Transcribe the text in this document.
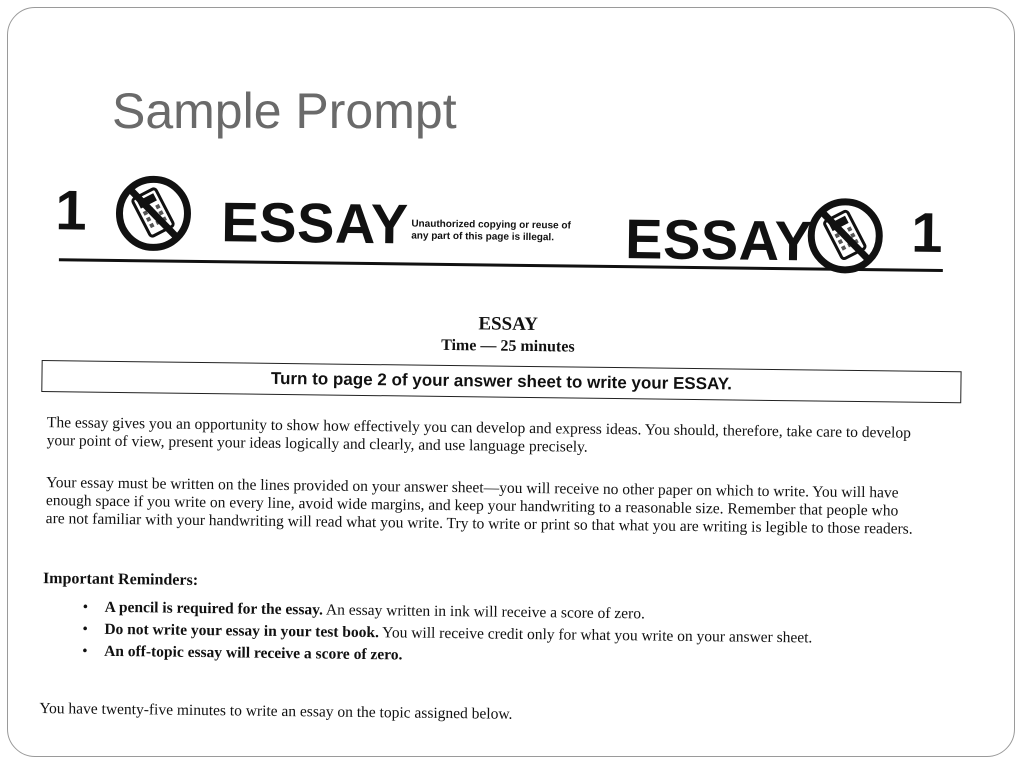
Sample Prompt
1 ESSAY Unauthorized copying or reuse of
any part of this page is illegal.	ESSAY 1
ESSAY
Time — 25 minutes
Turn to page 2 of your answer sheet to write your ESSAY.

The essay gives you an opportunity to show how effectively you can develop and express ideas. You should, therefore, take care to develop your point of view, present your ideas logically and clearly, and use language precisely.

Your essay must be written on the lines provided on your answer sheet—you will receive no other paper on which to write. You will have enough space if you write on every line, avoid wide margins, and keep your handwriting to a reasonable size. Remember that people who are not familiar with your handwriting will read what you write. Try to write or print so that what you are writing is legible to those readers.

Important Reminders:
• A pencil is required for the essay. An essay written in ink will receive a score of zero.
• Do not write your essay in your test book. You will receive credit only for what you write on your answer sheet.
• An off-topic essay will receive a score of zero.

You have twenty-five minutes to write an essay on the topic assigned below.
